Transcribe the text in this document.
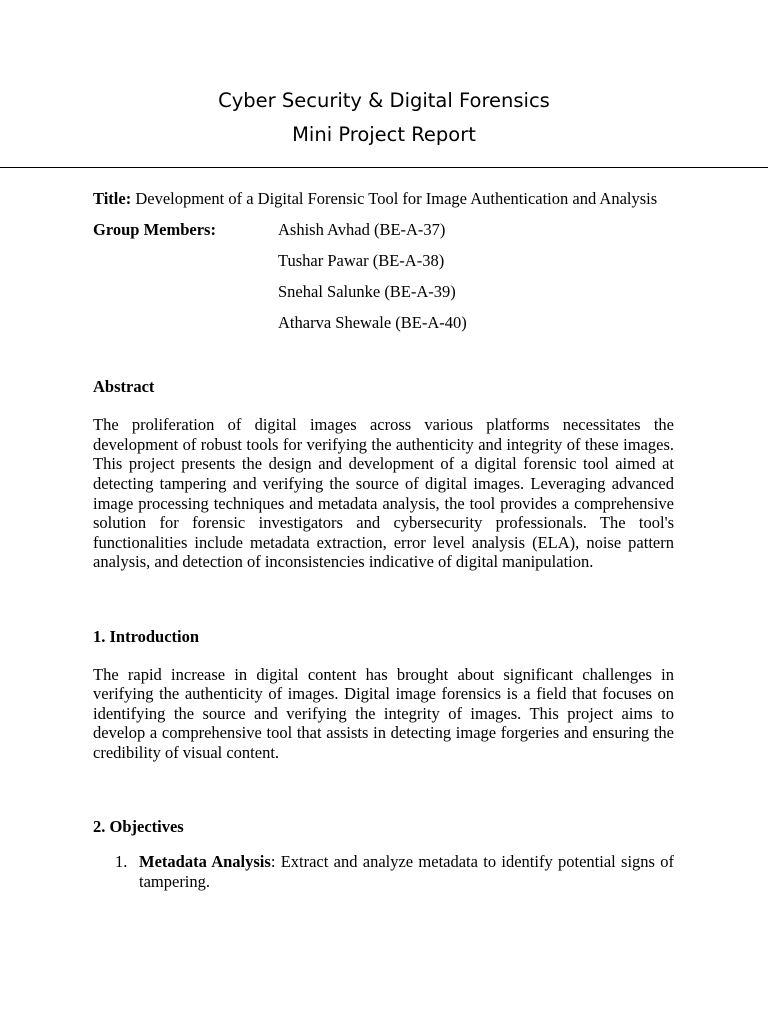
Cyber Security & Digital Forensics
Mini Project Report

Title: Development of a Digital Forensic Tool for Image Authentication and Analysis

Group Members:	Ashish Avhad (BE-A-37)
Tushar Pawar (BE-A-38)
Snehal Salunke (BE-A-39)
Atharva Shewale (BE-A-40)

Abstract

The proliferation of digital images across various platforms necessitates the development of robust tools for verifying the authenticity and integrity of these images. This project presents the design and development of a digital forensic tool aimed at detecting tampering and verifying the source of digital images. Leveraging advanced image processing techniques and metadata analysis, the tool provides a comprehensive solution for forensic investigators and cybersecurity professionals. The tool's functionalities include metadata extraction, error level analysis (ELA), noise pattern analysis, and detection of inconsistencies indicative of digital manipulation.

1. Introduction

The rapid increase in digital content has brought about significant challenges in verifying the authenticity of images. Digital image forensics is a field that focuses on identifying the source and verifying the integrity of images. This project aims to develop a comprehensive tool that assists in detecting image forgeries and ensuring the credibility of visual content.

2. Objectives

1. Metadata Analysis: Extract and analyze metadata to identify potential signs of tampering.
